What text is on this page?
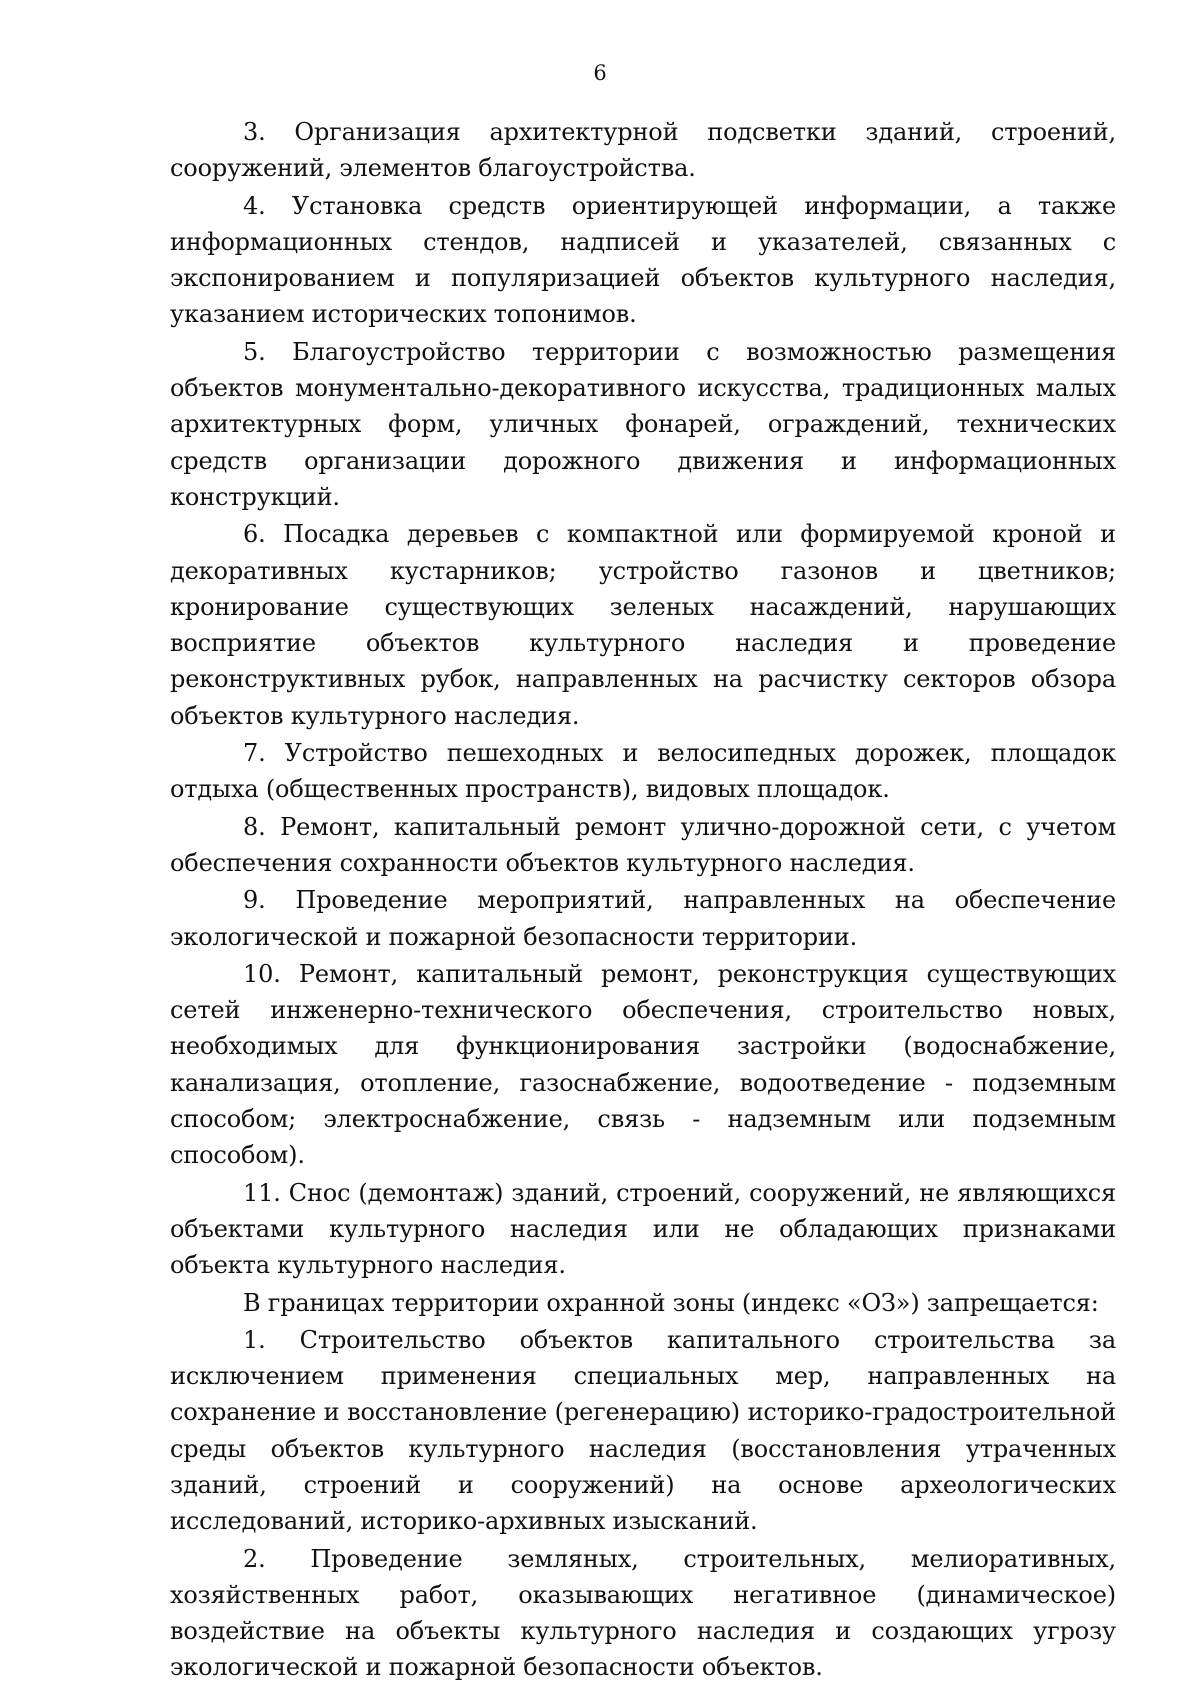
6

3. Организация архитектурной подсветки зданий, строений, сооружений, элементов благоустройства.

4. Установка средств ориентирующей информации, а также информационных стендов, надписей и указателей, связанных с экспонированием и популяризацией объектов культурного наследия, указанием исторических топонимов.

5. Благоустройство территории с возможностью размещения объектов монументально-декоративного искусства, традиционных малых архитектурных форм, уличных фонарей, ограждений, технических средств организации дорожного движения и информационных конструкций.

6. Посадка деревьев с компактной или формируемой кроной и декоративных кустарников; устройство газонов и цветников; кронирование существующих зеленых насаждений, нарушающих восприятие объектов культурного наследия и проведение реконструктивных рубок, направленных на расчистку секторов обзора объектов культурного наследия.

7. Устройство пешеходных и велосипедных дорожек, площадок отдыха (общественных пространств), видовых площадок.

8. Ремонт, капитальный ремонт улично-дорожной сети, с учетом обеспечения сохранности объектов культурного наследия.

9. Проведение мероприятий, направленных на обеспечение экологической и пожарной безопасности территории.

10. Ремонт, капитальный ремонт, реконструкция существующих сетей инженерно-технического обеспечения, строительство новых, необходимых для функционирования застройки (водоснабжение, канализация, отопление, газоснабжение, водоотведение - подземным способом; электроснабжение, связь - надземным или подземным способом).

11. Снос (демонтаж) зданий, строений, сооружений, не являющихся объектами культурного наследия или не обладающих признаками объекта культурного наследия.

В границах территории охранной зоны (индекс «ОЗ») запрещается:

1. Строительство объектов капитального строительства за исключением применения специальных мер, направленных на сохранение и восстановление (регенерацию) историко-градостроительной среды объектов культурного наследия (восстановления утраченных зданий, строений и сооружений) на основе археологических исследований, историко-архивных изысканий.

2. Проведение земляных, строительных, мелиоративных, хозяйственных работ, оказывающих негативное (динамическое) воздействие на объекты культурного наследия и создающих угрозу экологической и пожарной безопасности объектов.
